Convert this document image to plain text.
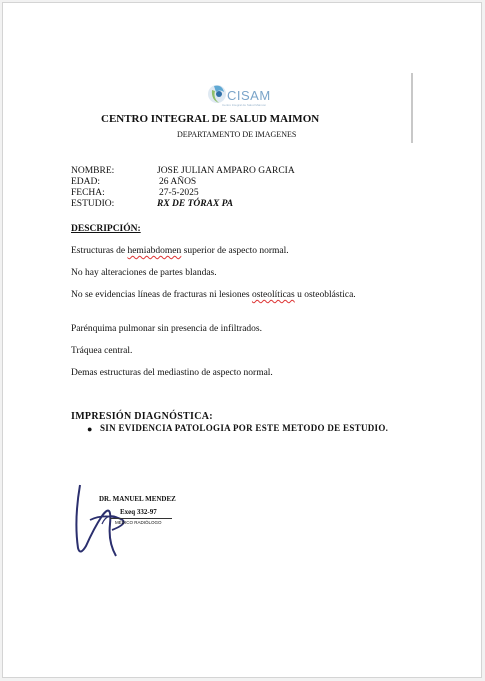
CISAM
Centro Integral de Salud Maimon
CENTRO INTEGRAL DE SALUD MAIMON
DEPARTAMENTO DE IMAGENES
NOMBRE:	JOSE JULIAN AMPARO GARCIA
EDAD:	26 AÑOS
FECHA:	27-5-2025
ESTUDIO:	RX DE TÓRAX PA
DESCRIPCIÓN:
Estructuras de hemiabdomen superior de aspecto normal.
No hay alteraciones de partes blandas.
No se evidencias líneas de fracturas ni lesiones osteolíticas u osteoblástica.
Parénquima pulmonar sin presencia de infiltrados.
Tráquea central.
Demas estructuras del mediastino de aspecto normal.
IMPRESIÓN DIAGNÓSTICA:
● SIN EVIDENCIA PATOLOGIA POR ESTE METODO DE ESTUDIO.
DR. MANUEL MENDEZ
Exeq 332-97
MÉDICO RADIÓLOGO
